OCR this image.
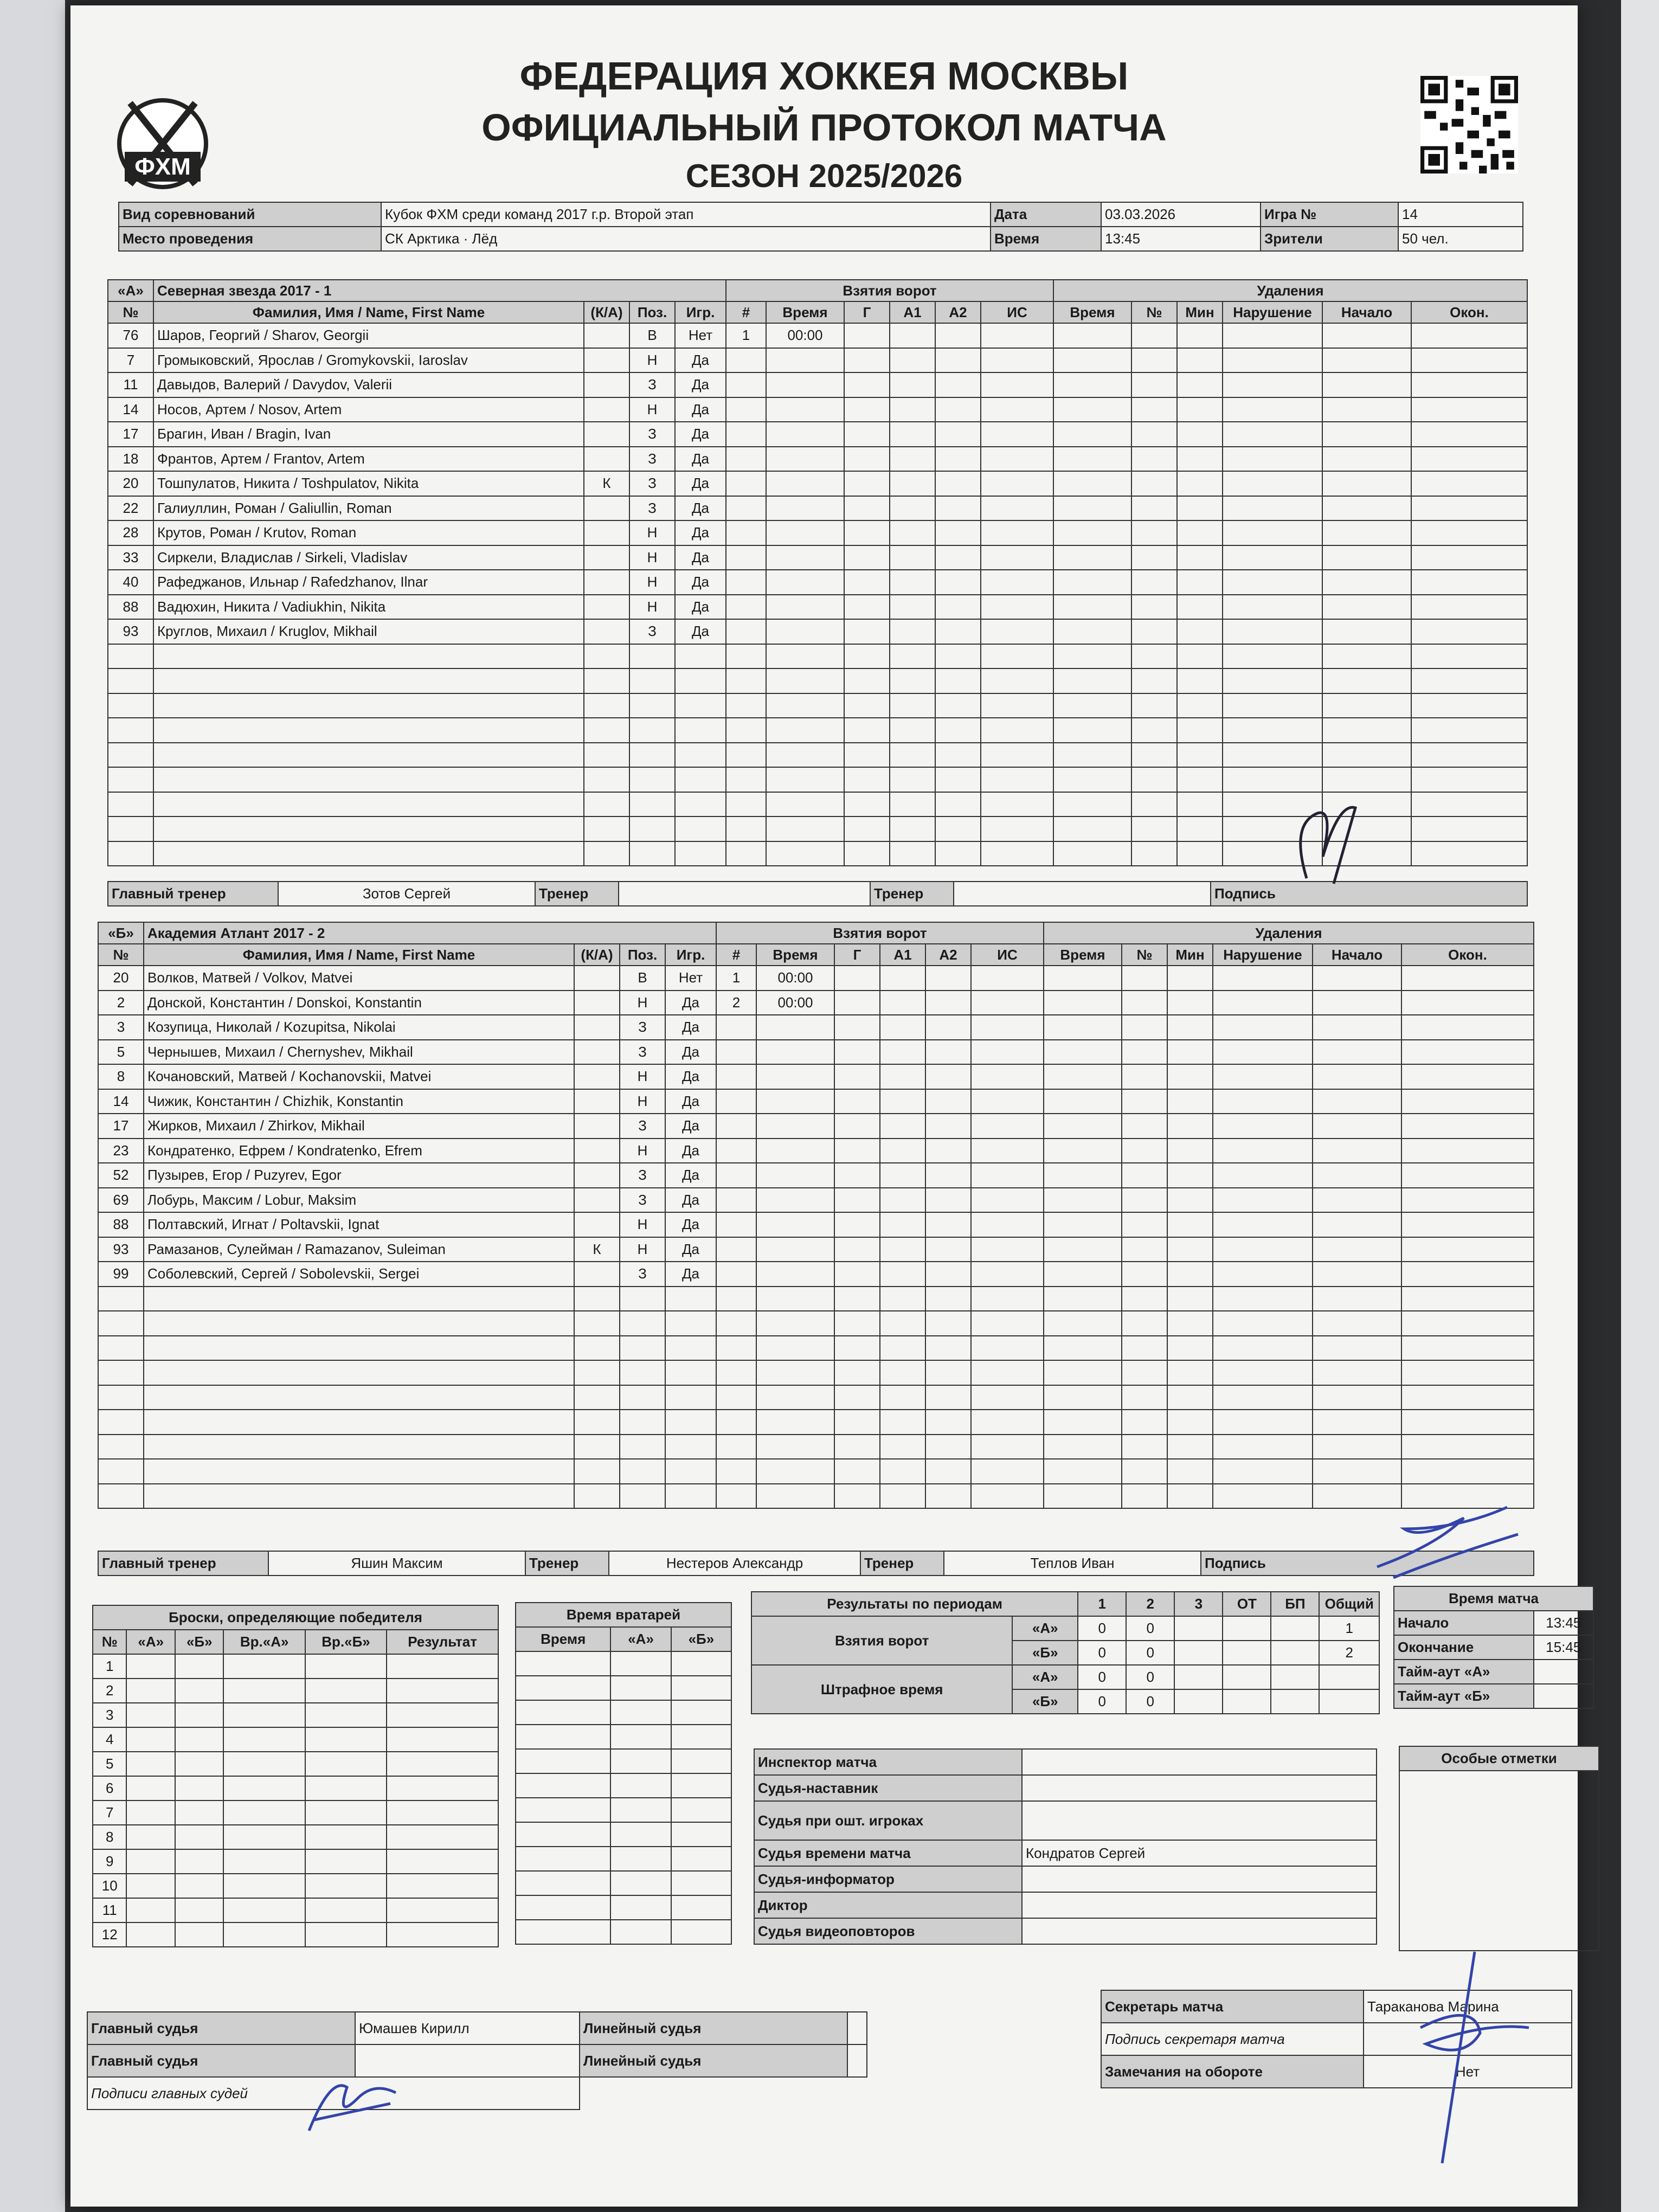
ФХМ
ФЕДЕРАЦИЯ ХОККЕЯ МОСКВЫ
ОФИЦИАЛЬНЫЙ ПРОТОКОЛ МАТЧА
СЕЗОН 2025/2026
Вид соревнований	Кубок ФХМ среди команд 2017 г.р. Второй этап	Дата	03.03.2026	Игра №	14
Место проведения	СК Арктика · Лёд	Время	13:45	Зрители	50 чел.
«А»	Северная звезда 2017 - 1				Взятия ворот						Удаления					
№	Фамилия, Имя / Name, First Name	(К/А)	Поз.	Игр.	#	Время	Г	А1	А2	ИС	Время	№	Мин	Нарушение	Начало	Окон.
76	Шаров, Георгий / Sharov, Georgii		В	Нет	1	00:00										
7	Громыковский, Ярослав / Gromykovskii, Iaroslav		Н	Да												
11	Давыдов, Валерий / Davydov, Valerii		З	Да												
14	Носов, Артем / Nosov, Artem		Н	Да												
17	Брагин, Иван / Bragin, Ivan		З	Да												
18	Франтов, Артем / Frantov, Artem		З	Да												
20	Тошпулатов, Никита / Toshpulatov, Nikita	К	З	Да												
22	Галиуллин, Роман / Galiullin, Roman		З	Да												
28	Крутов, Роман / Krutov, Roman		Н	Да												
33	Сиркели, Владислав / Sirkeli, Vladislav		Н	Да												
40	Рафеджанов, Ильнар / Rafedzhanov, Ilnar		Н	Да												
88	Вадюхин, Никита / Vadiukhin, Nikita		Н	Да												
93	Круглов, Михаил / Kruglov, Mikhail		З	Да												

Главный тренер	Зотов Сергей	Тренер		Тренер		Подпись
«Б»	Академия Атлант 2017 - 2				Взятия ворот						Удаления					
№	Фамилия, Имя / Name, First Name	(К/А)	Поз.	Игр.	#	Время	Г	А1	А2	ИС	Время	№	Мин	Нарушение	Начало	Окон.
20	Волков, Матвей / Volkov, Matvei		В	Нет	1	00:00										
2	Донской, Константин / Donskoi, Konstantin		Н	Да	2	00:00										
3	Козупица, Николай / Kozupitsa, Nikolai		З	Да												
5	Чернышев, Михаил / Chernyshev, Mikhail		З	Да												
8	Кочановский, Матвей / Kochanovskii, Matvei		Н	Да												
14	Чижик, Константин / Chizhik, Konstantin		Н	Да												
17	Жирков, Михаил / Zhirkov, Mikhail		З	Да												
23	Кондратенко, Ефрем / Kondratenko, Efrem		Н	Да												
52	Пузырев, Егор / Puzyrev, Egor		З	Да												
69	Лобурь, Максим / Lobur, Maksim		З	Да												
88	Полтавский, Игнат / Poltavskii, Ignat		Н	Да												
93	Рамазанов, Сулейман / Ramazanov, Suleiman	К	Н	Да												
99	Соболевский, Сергей / Sobolevskii, Sergei		З	Да												

Главный тренер	Яшин Максим	Тренер	Нестеров Александр	Тренер	Теплов Иван	Подпись
Броски, определяющие победителя					
№	«А»	«Б»	Вр.«А»	Вр.«Б»	Результат
1					
2					
3					
4					
5					
6					
7					
8					
9					
10					
11					
12					
Время вратарей		
Время	«А»	«Б»

Результаты по периодам		1	2	3	ОТ	БП	Общий
Взятия ворот	«А»	0	0				1
	«Б»	0	0				2
Штрафное время	«А»	0	0				
	«Б»	0	0				
Время матча	
Начало	13:45
Окончание	15:45
Тайм-аут «А»	
Тайм-аут «Б»	
Инспектор матча	
Судья-наставник	
Судья при ошт. игроках	
Судья времени матча	Кондратов Сергей
Судья-информатор	
Диктор	
Судья видеоповторов	
Особые отметки

Главный судья	Юмашев Кирилл	Линейный судья	
Главный судья		Линейный судья	
Подписи главных судей			
Секретарь матча	Тараканова Марина
Подпись секретаря матча	
Замечания на обороте	Нет
